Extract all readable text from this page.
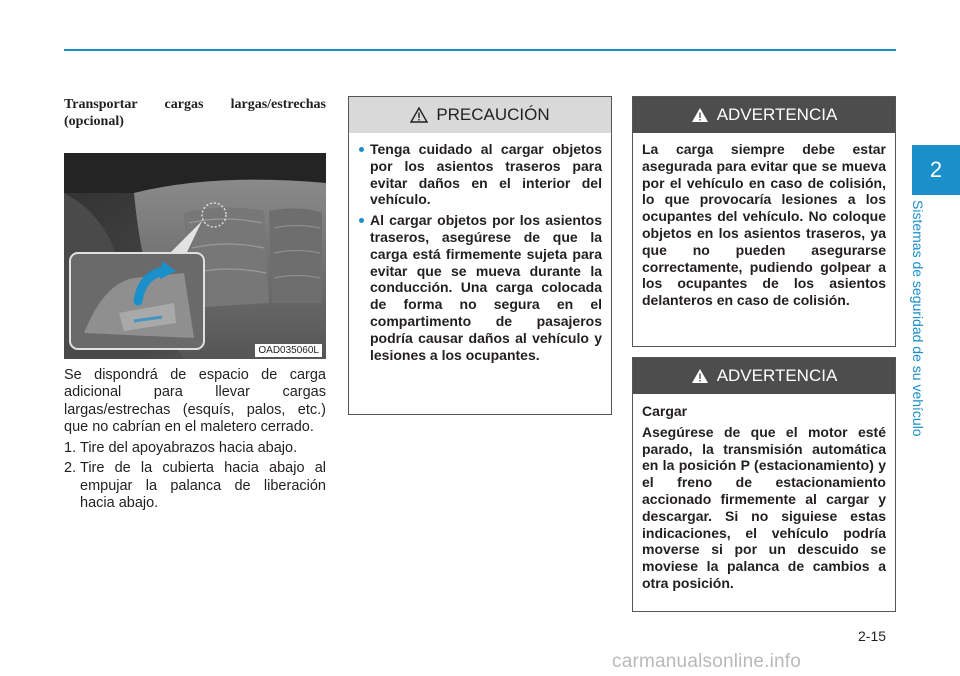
2
Sistemas de seguridad de su vehículo

Transportar cargas largas/estrechas (opcional)

OAD035060L

Se dispondrá de espacio de carga adicional para llevar cargas largas/estrechas (esquís, palos, etc.) que no cabrían en el maletero cerrado.

1. Tire del apoyabrazos hacia abajo.
2. Tire de la cubierta hacia abajo al empujar la palanca de liberación hacia abajo.
PRECAUCIÓN
Tenga cuidado al cargar objetos por los asientos traseros para evitar daños en el interior del vehículo.
Al cargar objetos por los asientos traseros, asegúrese de que la carga está firmemente sujeta para evitar que se mueva durante la conducción. Una carga colocada de forma no segura en el compartimento de pasajeros podría causar daños al vehículo y lesiones a los ocupantes.
ADVERTENCIA

La carga siempre debe estar asegurada para evitar que se mueva por el vehículo en caso de colisión, lo que provocaría lesiones a los ocupantes del vehículo. No coloque objetos en los asientos traseros, ya que no pueden asegurarse correctamente, pudiendo golpear a los ocupantes de los asientos delanteros en caso de colisión.

ADVERTENCIA

Cargar

Asegúrese de que el motor esté parado, la transmisión automática en la posición P (estacionamiento) y el freno de estacionamiento accionado firmemente al cargar y descargar. Si no siguiese estas indicaciones, el vehículo podría moverse si por un descuido se moviese la palanca de cambios a otra posición.

2-15
carmanualsonline.info
